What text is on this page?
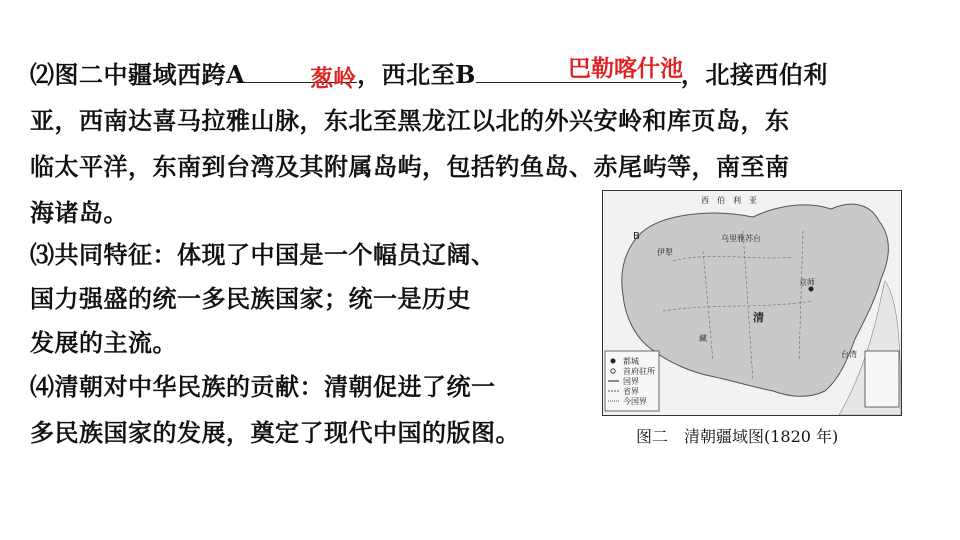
⑵图二中疆域西跨A	，西北至B	，北接西伯利
葱岭	巴勒喀什池
亚，西南达喜马拉雅山脉，东北至黑龙江以北的外兴安岭和库页岛，东
临太平洋，东南到台湾及其附属岛屿，包括钓鱼岛、赤尾屿等，南至南
海诸岛。
⑶共同特征：体现了中国是一个幅员辽阔、
国力强盛的统一多民族国家；统一是历史
发展的主流。
⑷清朝对中华民族的贡献：清朝促进了统一
多民族国家的发展，奠定了现代中国的版图。
都城
首府驻所
国界
省界
今国界
西　伯　利　亚
B
伊犁
乌里雅苏台
京师
清
藏
台湾
图二　清朝疆域图(1820 年)
